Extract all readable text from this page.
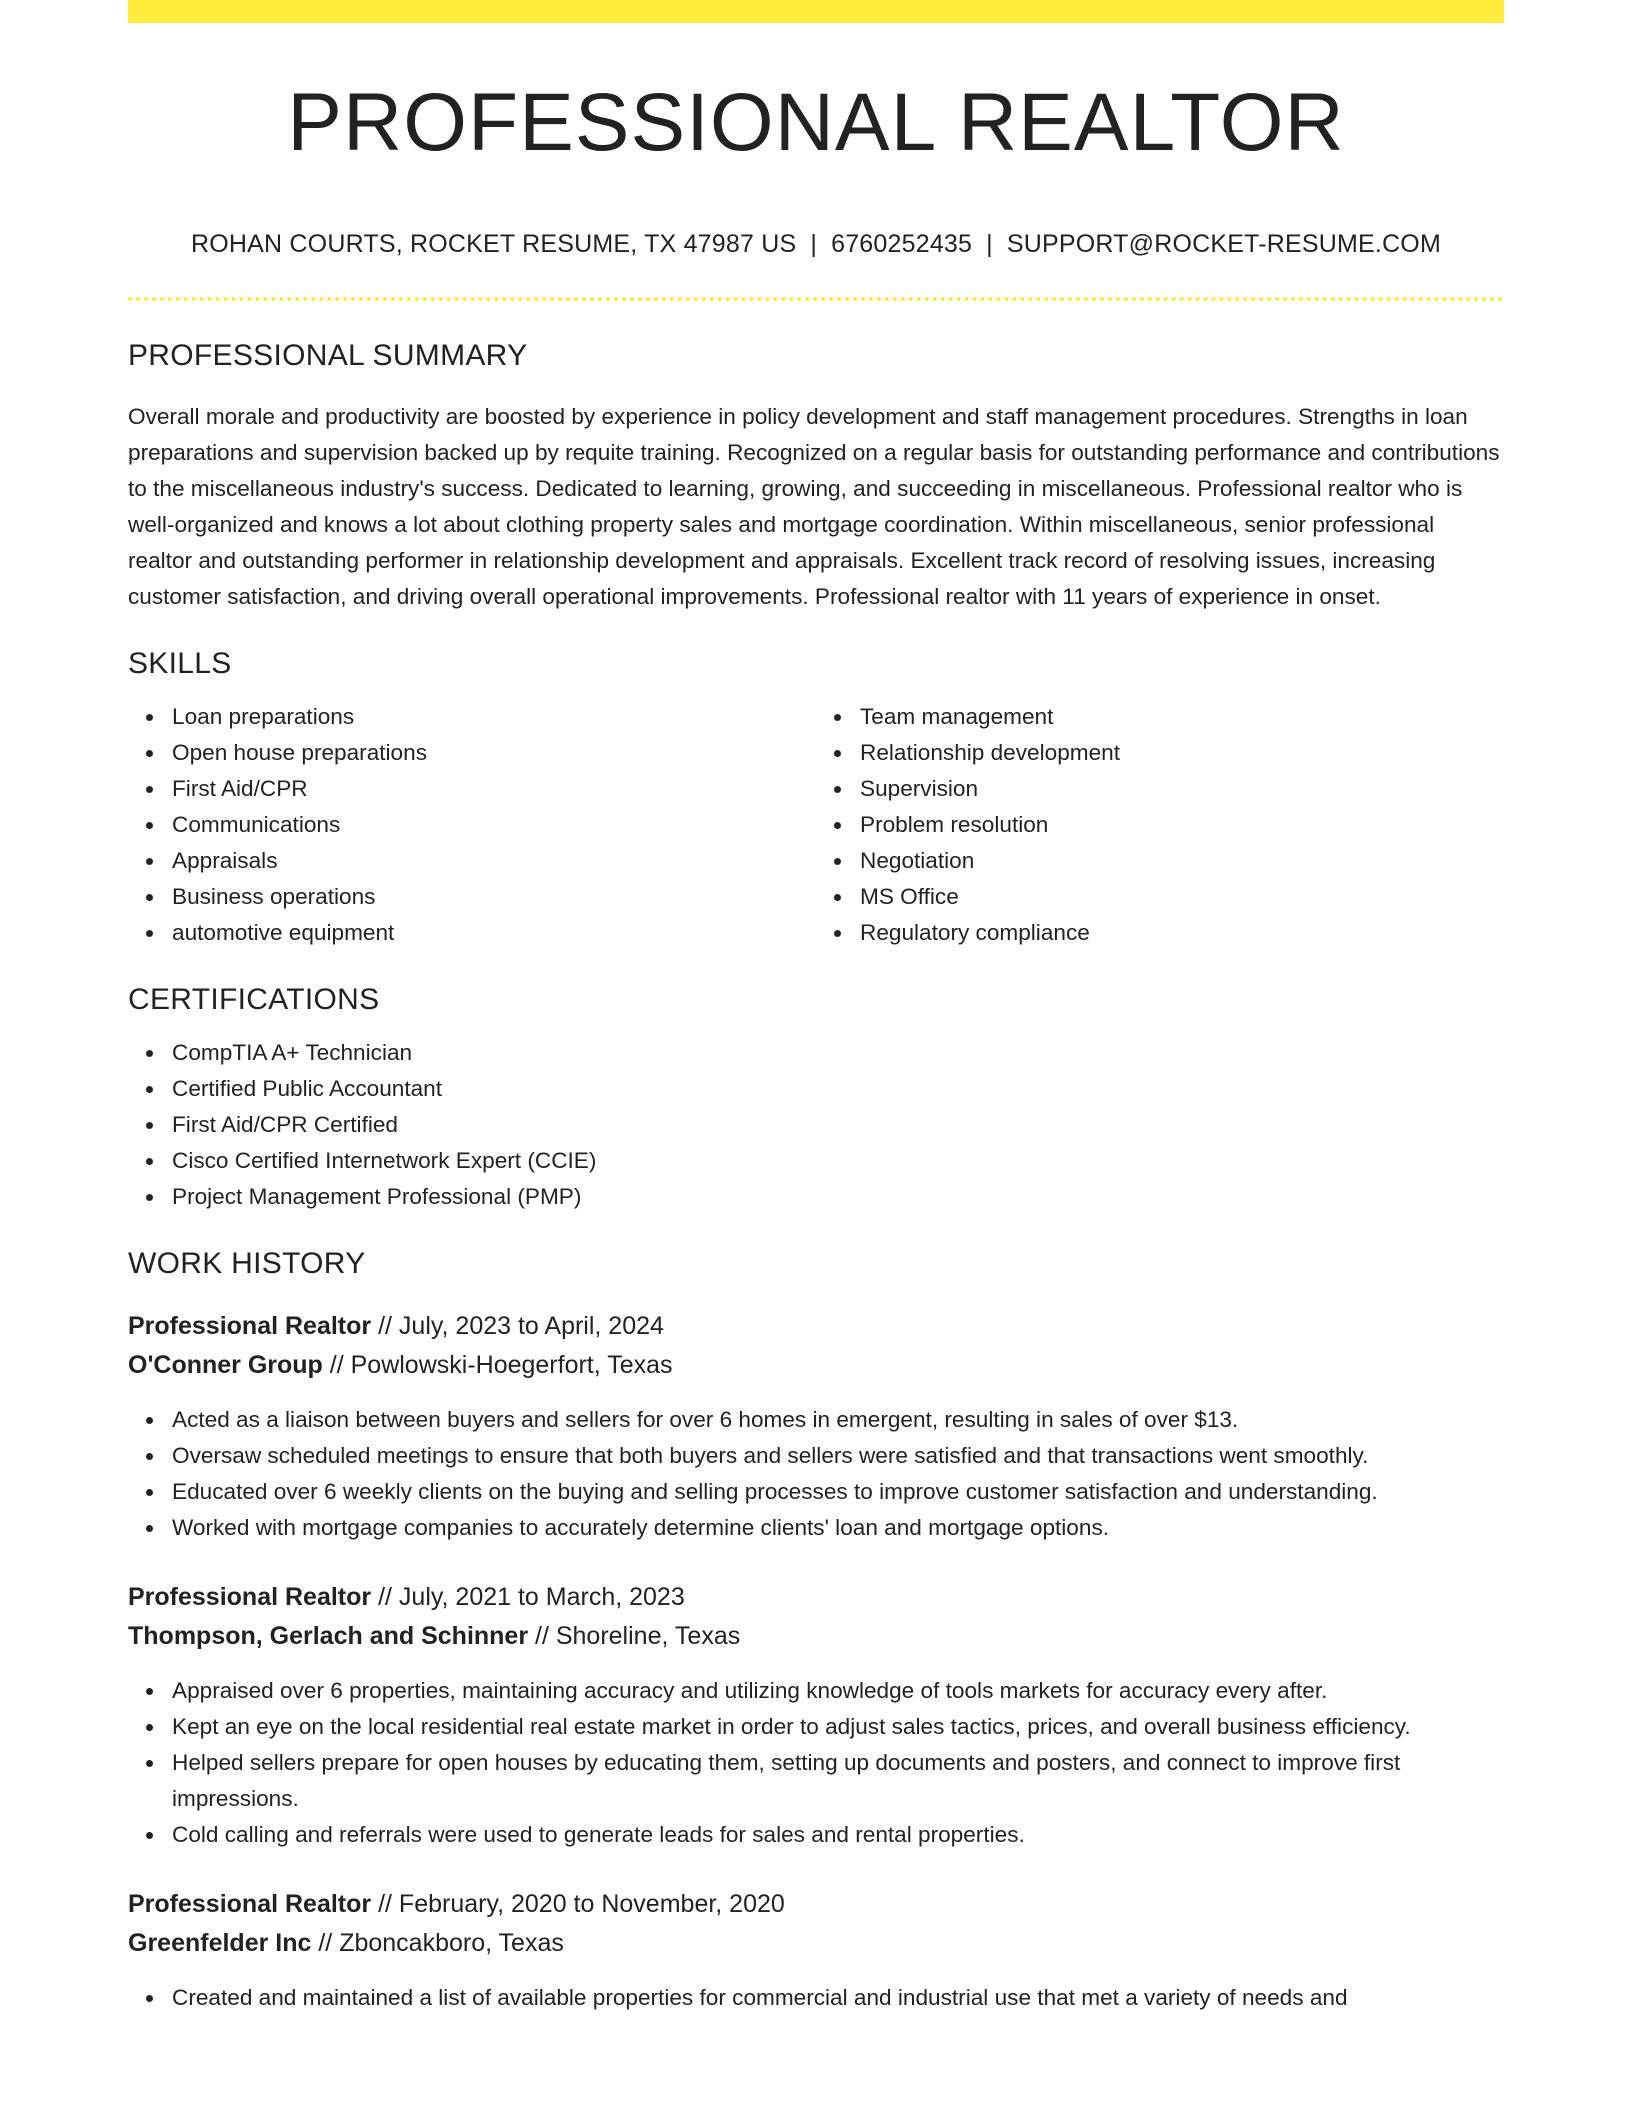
PROFESSIONAL REALTOR
ROHAN COURTS, ROCKET RESUME, TX 47987 US | 6760252435 | SUPPORT@ROCKET-RESUME.COM
PROFESSIONAL SUMMARY

Overall morale and productivity are boosted by experience in policy development and staff management procedures. Strengths in loan preparations and supervision backed up by requite training. Recognized on a regular basis for outstanding performance and contributions to the miscellaneous industry's success. Dedicated to learning, growing, and succeeding in miscellaneous. Professional realtor who is well-organized and knows a lot about clothing property sales and mortgage coordination. Within miscellaneous, senior professional realtor and outstanding performer in relationship development and appraisals. Excellent track record of resolving issues, increasing customer satisfaction, and driving overall operational improvements. Professional realtor with 11 years of experience in onset.

SKILLS
Loan preparations
Open house preparations
First Aid/CPR
Communications
Appraisals
Business operations
automotive equipment
Team management
Relationship development
Supervision
Problem resolution
Negotiation
MS Office
Regulatory compliance
CERTIFICATIONS
CompTIA A+ Technician
Certified Public Accountant
First Aid/CPR Certified
Cisco Certified Internetwork Expert (CCIE)
Project Management Professional (PMP)
WORK HISTORY
Professional Realtor // July, 2023 to April, 2024
O'Conner Group // Powlowski-Hoegerfort, Texas
Acted as a liaison between buyers and sellers for over 6 homes in emergent, resulting in sales of over $13.
Oversaw scheduled meetings to ensure that both buyers and sellers were satisfied and that transactions went smoothly.
Educated over 6 weekly clients on the buying and selling processes to improve customer satisfaction and understanding.
Worked with mortgage companies to accurately determine clients' loan and mortgage options.
Professional Realtor // July, 2021 to March, 2023
Thompson, Gerlach and Schinner // Shoreline, Texas
Appraised over 6 properties, maintaining accuracy and utilizing knowledge of tools markets for accuracy every after.
Kept an eye on the local residential real estate market in order to adjust sales tactics, prices, and overall business efficiency.
Helped sellers prepare for open houses by educating them, setting up documents and posters, and connect to improve first impressions.
Cold calling and referrals were used to generate leads for sales and rental properties.
Professional Realtor // February, 2020 to November, 2020
Greenfelder Inc // Zboncakboro, Texas
Created and maintained a list of available properties for commercial and industrial use that met a variety of needs and
